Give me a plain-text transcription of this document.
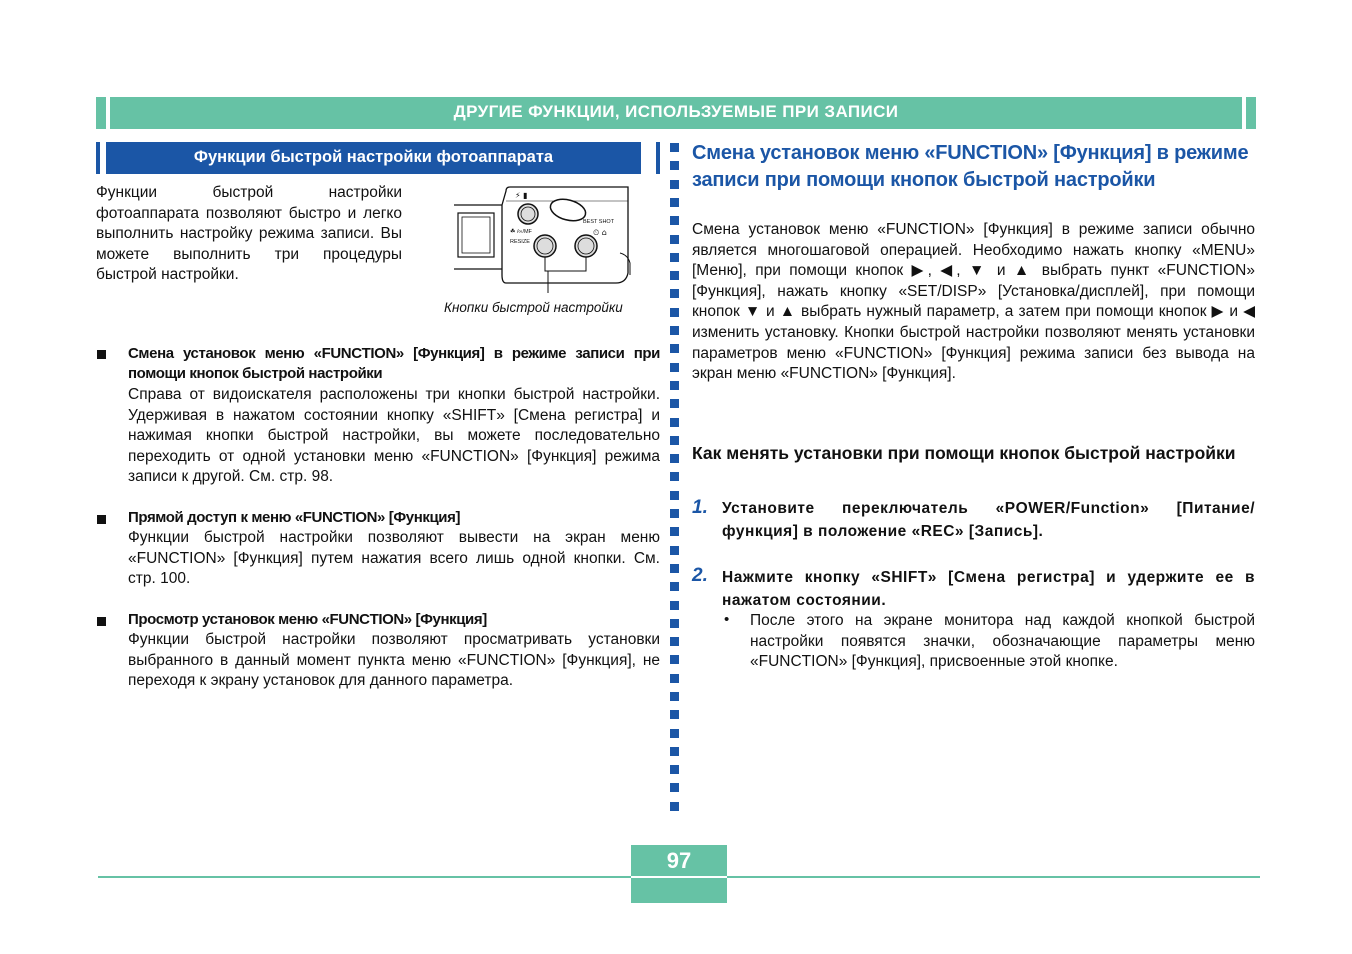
ДРУГИЕ ФУНКЦИИ, ИСПОЛЬЗУЕМЫЕ ПРИ ЗАПИСИ
Функции быстрой настройки фотоаппарата
Функции быстрой настройки фотоаппарата позволяют быстро и легко выполнить настройку режима записи. Вы можете выполнить три процедуры быстрой настройки.
⚡ ▮
BEST SHOT
☘ /∞/MF
RESIZE
⏲ ⌂
Кнопки быстрой настройки
Смена установок меню «FUNCTION» [Функция] в режиме записи при помощи кнопок быстрой настройки
Справа от видоискателя расположены три кнопки быстрой настройки. Удерживая в нажатом состоянии кнопку «SHIFT» [Смена регистра] и нажимая кнопки быстрой настройки, вы можете последовательно переходить от одной установки меню «FUNCTION» [Функция] режима записи к другой. См. стр. 98.
Прямой доступ к меню «FUNCTION» [Функция]
Функции быстрой настройки позволяют вывести на экран меню «FUNCTION» [Функция] путем нажатия всего лишь одной кнопки. См. стр. 100.
Просмотр установок меню «FUNCTION» [Функция]
Функции быстрой настройки позволяют просматривать установки выбранного в данный момент пункта меню «FUNCTION» [Функция], не переходя к экрану установок для данного параметра.
Смена установок меню «FUNCTION» [Функция] в режиме записи при помощи кнопок быстрой настройки
Смена установок меню «FUNCTION» [Функция] в режиме записи обычно является многошаговой операцией. Необходимо нажать кнопку «MENU» [Меню], при помощи кнопок ▶, ◀, ▼ и ▲ выбрать пункт «FUNCTION» [Функция], нажать кнопку «SET/DISP» [Установка/дисплей], при помощи кнопок ▼ и ▲ выбрать нужный параметр, а затем при помощи кнопок ▶ и ◀ изменить установку. Кнопки быстрой настройки позволяют менять установки параметров меню «FUNCTION» [Функция] режима записи без вывода на экран меню «FUNCTION» [Функция].
Как менять установки при помощи кнопок быстрой настройки
1. Установите переключатель «POWER/Function» [Питание/функция] в положение «REC» [Запись].
2. Нажмите кнопку «SHIFT» [Смена регистра] и удержите ее в нажатом состоянии.
• После этого на экране монитора над каждой кнопкой быстрой настройки появятся значки, обозначающие параметры меню «FUNCTION» [Функция], присвоенные этой кнопке.
97
